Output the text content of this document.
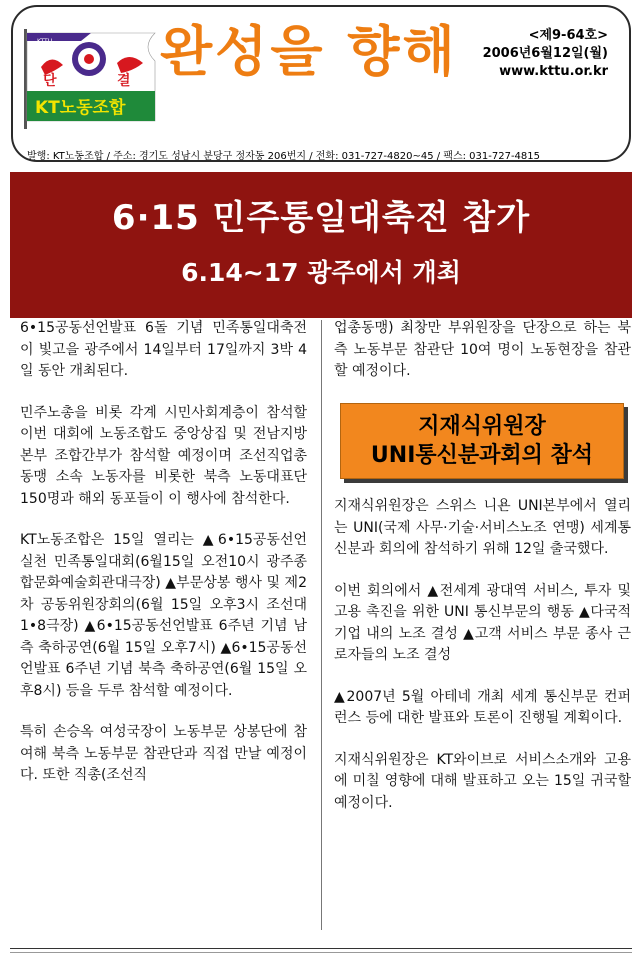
KTTU
단	결
KT노동조합
완성을 향해	<제9-64호>
2006년6월12일(월)
www.kttu.or.kr
발행: KT노동조합 / 주소: 경기도 성남시 분당구 정자동 206번지 / 전화: 031-727-4820~45 / 팩스: 031-727-4815
6·15 민주통일대축전 참가
6.14~17 광주에서 개최

6•15공동선언발표 6돌 기념 민족통일대축전이 빛고을 광주에서 14일부터 17일까지 3박 4일 동안 개최된다.

민주노총을 비롯 각계 시민사회계층이 참석할 이번 대회에 노동조합도 중앙상집 및 전남지방본부 조합간부가 참석할 예정이며 조선직업총동맹 소속 노동자를 비롯한 북측 노동대표단 150명과 해외 동포들이 이 행사에 참석한다.

KT노동조합은 15일 열리는 ▲6•15공동선언 실천 민족통일대회(6월15일 오전10시 광주종합문화예술회관대극장) ▲부문상봉 행사 및 제2차 공동위원장회의(6월 15일 오후3시 조선대 1•8극장) ▲6•15공동선언발표 6주년 기념 남측 축하공연(6월 15일 오후7시) ▲6•15공동선언발표 6주년 기념 북측 축하공연(6월 15일 오후8시) 등을 두루 참석할 예정이다.

특히 손승옥 여성국장이 노동부문 상봉단에 참여해 북측 노동부문 참관단과 직접 만날 예정이다. 또한 직총(조선직

업총동맹) 최창만 부위원장을 단장으로 하는 북측 노동부문 참관단 10여 명이 노동현장을 참관할 예정이다.

지재식위원장
UNI통신분과회의 참석

지재식위원장은 스위스 니욘 UNI본부에서 열리는 UNI(국제 사무·기술·서비스노조 연맹) 세계통신분과 회의에 참석하기 위해 12일 출국했다.

이번 회의에서 ▲전세계 광대역 서비스, 투자 및 고용 촉진을 위한 UNI 통신부문의 행동 ▲다국적기업 내의 노조 결성 ▲고객 서비스 부문 종사 근로자들의 노조 결성

▲2007년 5월 아테네 개최 세계 통신부문 컨퍼런스 등에 대한 발표와 토론이 진행될 계획이다.

지재식위원장은 KT와이브로 서비스소개와 고용에 미칠 영향에 대해 발표하고 오는 15일 귀국할 예정이다.
